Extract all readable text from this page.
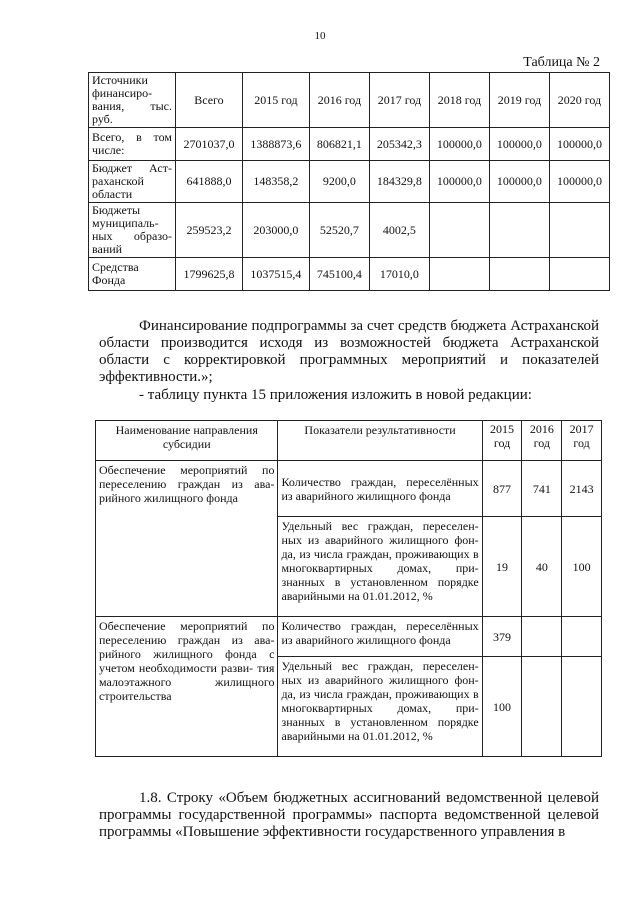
10
Таблица № 2
Источники финансиро- вания, тыс. руб.	Всего	2015 год	2016 год	2017 год	2018 год	2019 год	2020 год
Всего, в том числе:	2701037,0	1388873,6	806821,1	205342,3	100000,0	100000,0	100000,0
Бюджет Аст- раханской области	641888,0	148358,2	9200,0	184329,8	100000,0	100000,0	100000,0
Бюджеты муниципаль- ных образо- ваний	259523,2	203000,0	52520,7	4002,5			
Средства Фонда	1799625,8	1037515,4	745100,4	17010,0			
Финансирование подпрограммы за счет средств бюджета Астраханской области производится исходя из возможностей бюджета Астраханской области с корректировкой программных мероприятий и показателей эффективности.»;
- таблицу пункта 15 приложения изложить в новой редакции:
Наименование направления субсидии	Показатели результативности	2015 год	2016 год	2017 год
Обеспечение мероприятий по переселению граждан из ава- рийного жилищного фонда	Количество граждан, переселённых из аварийного жилищного фонда	877	741	2143
	Удельный вес граждан, переселен- ных из аварийного жилищного фон- да, из числа граждан, проживающих в многоквартирных домах, при- знанных в установленном порядке аварийными на 01.01.2012, %	19	40	100
Обеспечение мероприятий по переселению граждан из ава- рийного жилищного фонда с учетом необходимости разви- тия малоэтажного жилищного строительства	Количество граждан, переселённых из аварийного жилищного фонда	379		
	Удельный вес граждан, переселен- ных из аварийного жилищного фон- да, из числа граждан, проживающих в многоквартирных домах, при- знанных в установленном порядке аварийными на 01.01.2012, %	100		
1.8. Строку «Объем бюджетных ассигнований ведомственной целевой программы государственной программы» паспорта ведомственной целевой программы «Повышение эффективности государственного управления в
